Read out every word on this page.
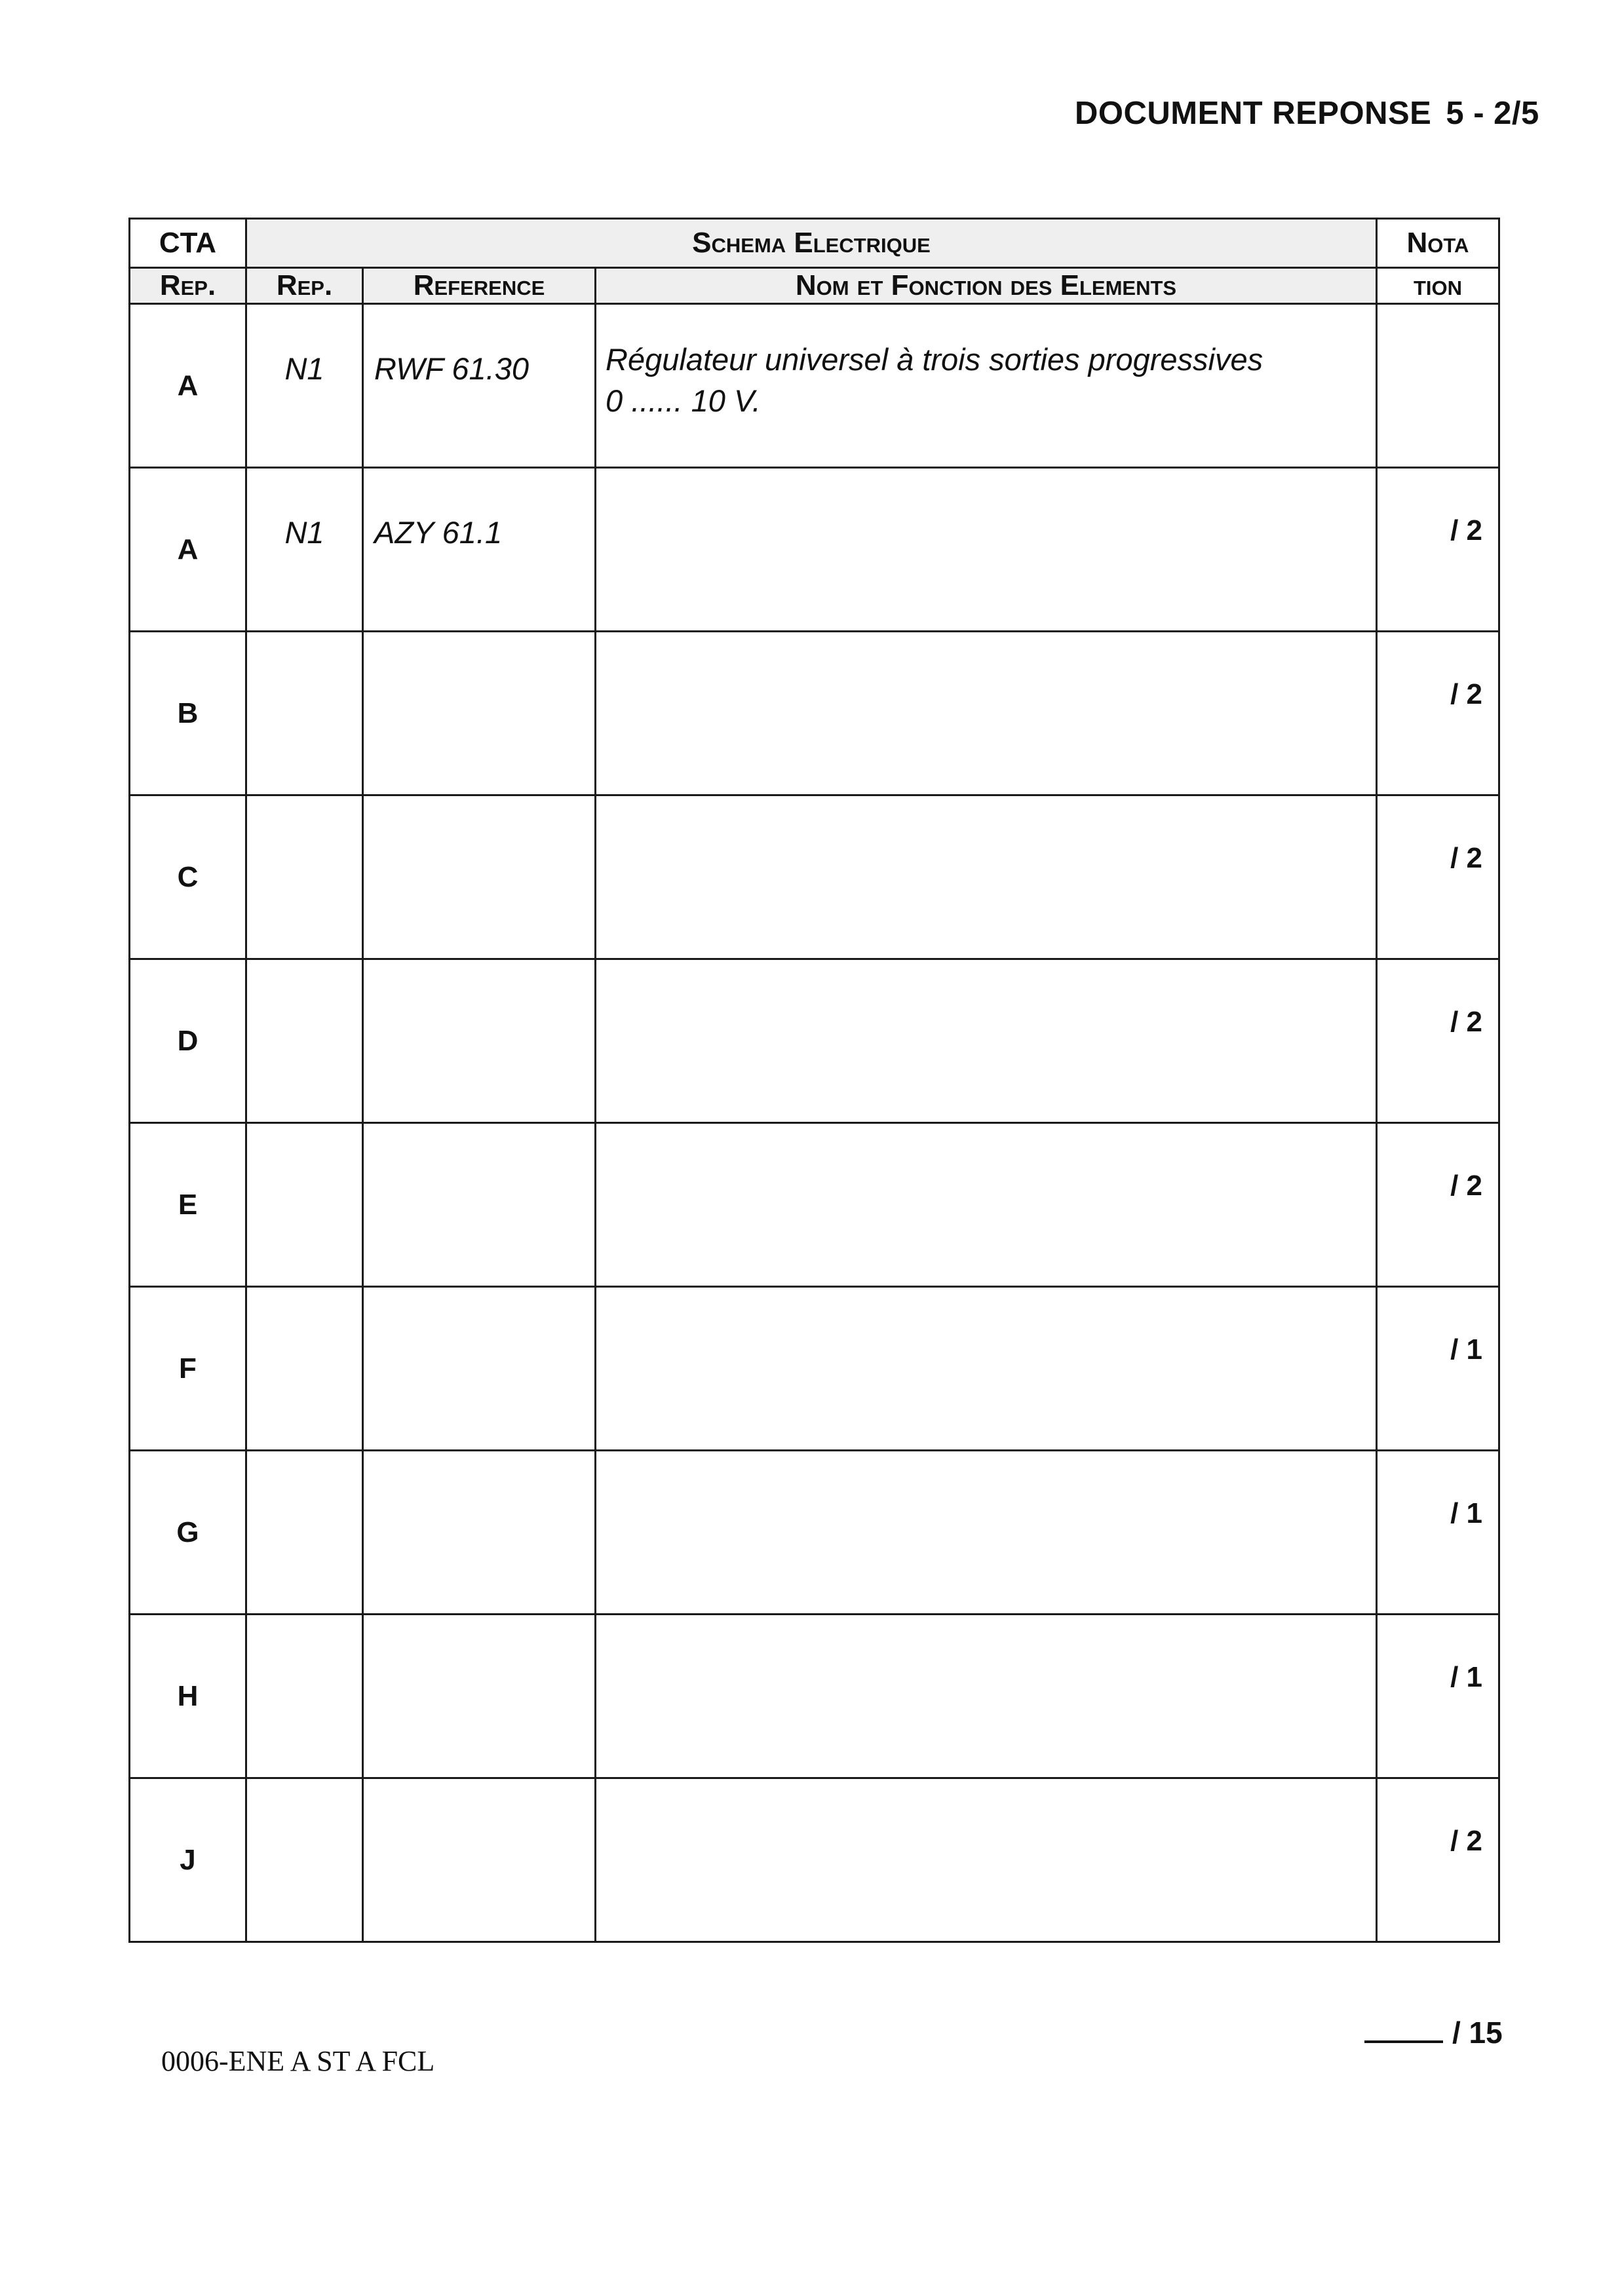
DOCUMENT REPONSE 5 - 2/5
CTA	Schema Electrique			Nota
Rep.	Rep.	Reference	Nom et Fonction des Elements	tion
A	N1	RWF 61.30	Régulateur universel à trois sorties progressives
0 ...... 10 V.	

A	N1	AZY 61.1		/ 2
B				/ 2
C				/ 2
D				/ 2
E				/ 2
F				/ 1
G				/ 1
H				/ 1
J				/ 2
0006-ENE A ST A FCL
/ 15
